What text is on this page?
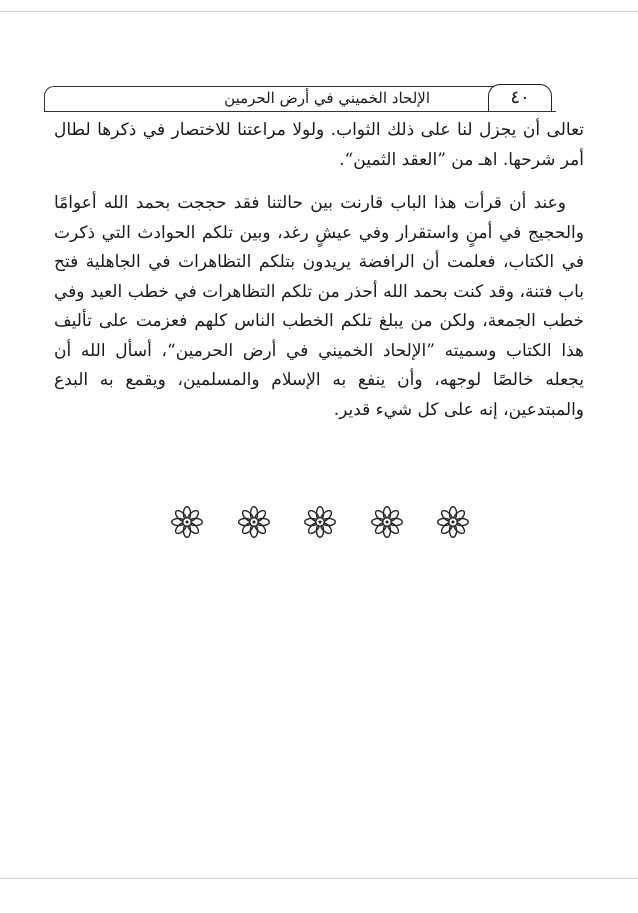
الإلحاد الخميني في أرض الحرمين	٤٠

تعالى أن يجزل لنا على ذلك الثواب. ولولا مراعتنا للاختصار في ذكرها لطال أمر شرحها. اهـ من ”العقد الثمين“.

وعند أن قرأت هذا الباب قارنت بين حالتنا فقد حججت بحمد الله أعوامًا والحجيج في أمنٍ واستقرار وفي عيشٍ رغد، وبين تلكم الحوادث التي ذكرت في الكتاب، فعلمت أن الرافضة يريدون بتلكم التظاهرات في الجاهلية فتح باب فتنة، وقد كنت بحمد الله أحذر من تلكم التظاهرات في خطب العيد وفي خطب الجمعة، ولكن من يبلغ تلكم الخطب الناس كلهم فعزمت على تأليف هذا الكتاب وسميته ”الإلحاد الخميني في أرض الحرمين“، أسأل الله أن يجعله خالصًا لوجهه، وأن ينفع به الإسلام والمسلمين، ويقمع به البدع والمبتدعين، إنه على كل شيء قدير.
